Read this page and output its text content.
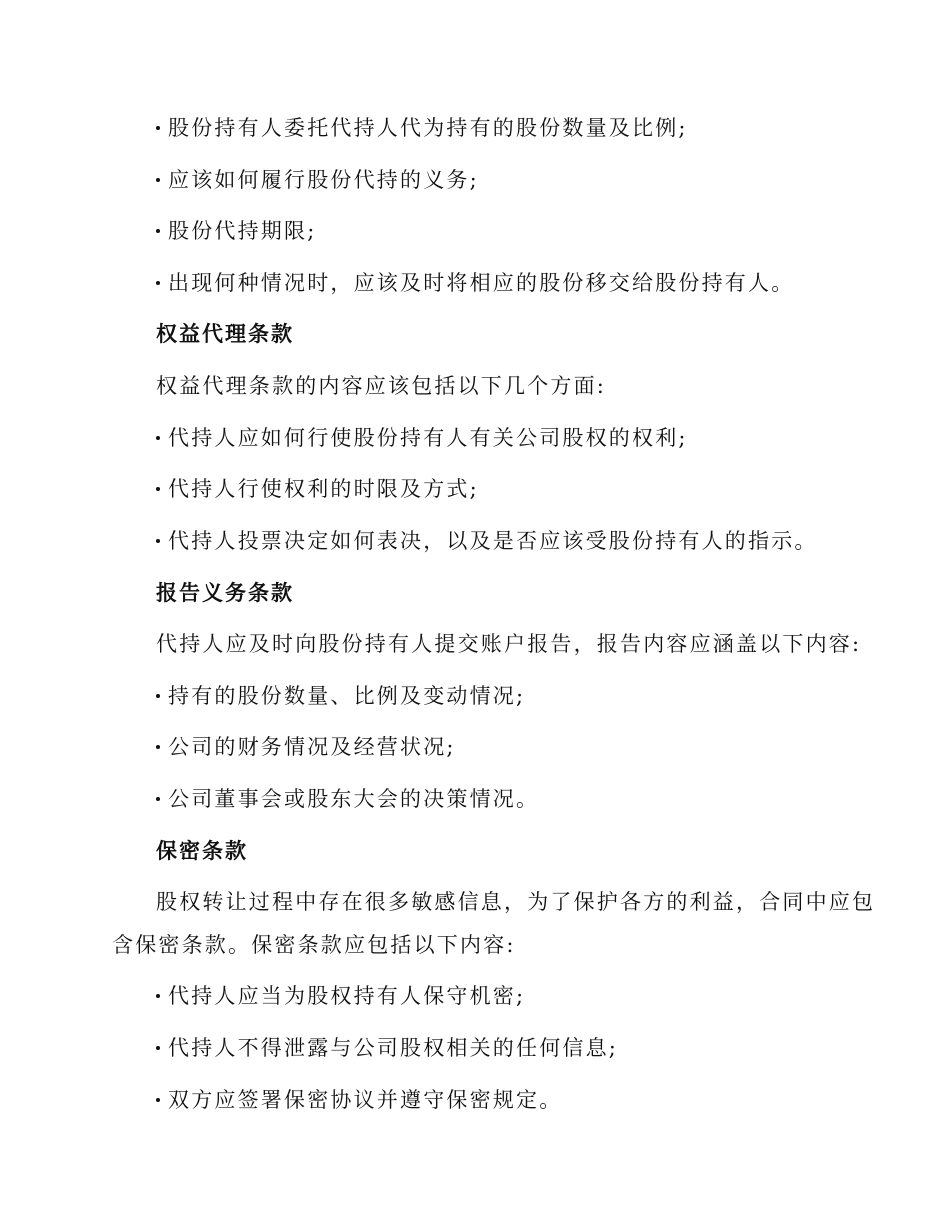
股份持有人委托代持人代为持有的股份数量及比例;
应该如何履行股份代持的义务;
股份代持期限;
出现何种情况时，应该及时将相应的股份移交给股份持有人。
权益代理条款
权益代理条款的内容应该包括以下几个方面:
代持人应如何行使股份持有人有关公司股权的权利;
代持人行使权利的时限及方式;
代持人投票决定如何表决，以及是否应该受股份持有人的指示。
报告义务条款
代持人应及时向股份持有人提交账户报告，报告内容应涵盖以下内容:
持有的股份数量、比例及变动情况;
公司的财务情况及经营状况;
公司董事会或股东大会的决策情况。
保密条款
股权转让过程中存在很多敏感信息，为了保护各方的利益，合同中应包
含保密条款。保密条款应包括以下内容:
代持人应当为股权持有人保守机密;
代持人不得泄露与公司股权相关的任何信息;
双方应签署保密协议并遵守保密规定。
